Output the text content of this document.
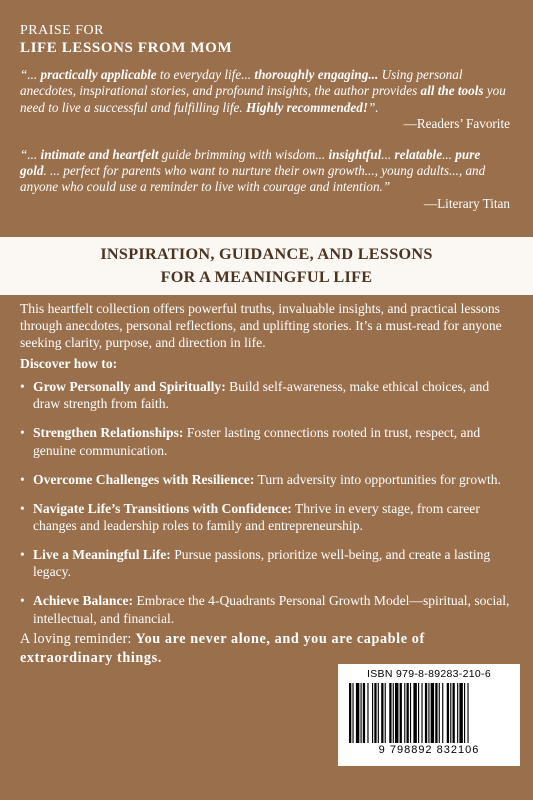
PRAISE FOR
LIFE LESSONS FROM MOM
“... practically applicable to everyday life... thoroughly engaging... Using personal anecdotes, inspirational stories, and profound insights, the author provides all the tools you need to live a successful and fulfilling life. Highly recommended!”.
—Readers’ Favorite
“... intimate and heartfelt guide brimming with wisdom... insightful... relatable... pure gold. ... perfect for parents who want to nurture their own growth..., young adults..., and anyone who could use a reminder to live with courage and intention.”
—Literary Titan
INSPIRATION, GUIDANCE, AND LESSONS
FOR A MEANINGFUL LIFE
This heartfelt collection offers powerful truths, invaluable insights, and practical lessons through anecdotes, personal reflections, and uplifting stories. It’s a must-read for anyone seeking clarity, purpose, and direction in life.
Discover how to:
• Grow Personally and Spiritually: Build self-awareness, make ethical choices, and draw strength from faith.
• Strengthen Relationships: Foster lasting connections rooted in trust, respect, and genuine communication.
• Overcome Challenges with Resilience: Turn adversity into opportunities for growth.
• Navigate Life’s Transitions with Confidence: Thrive in every stage, from career changes and leadership roles to family and entrepreneurship.
• Live a Meaningful Life: Pursue passions, prioritize well-being, and create a lasting legacy.
• Achieve Balance: Embrace the 4-Quadrants Personal Growth Model—spiritual, social, intellectual, and financial.
A loving reminder: You are never alone, and you are capable of extraordinary things.
ISBN 979-8-89283-210-6
9 798892 832106
